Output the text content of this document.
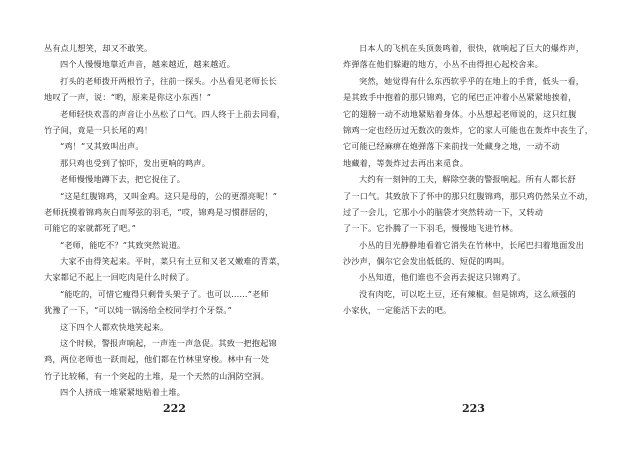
丛有点儿想笑，却又不敢笑。
四个人慢慢地靠近声音，越来越近，越来越近。
打头的老师拨开两根竹子，往前一探头。小丛看见老师长长
地叹了一声，说：“哟，原来是你这小东西！”
老师轻快欢喜的声音让小丛松了口气。四人终于上前去同看，
竹子间，竟是一只长尾的鸡！
“鸡！”又其致叫出声。
那只鸡也受到了惊吓，发出更响的鸣声。
老师慢慢地蹲下去，把它捉住了。
“这是红腹锦鸡，又叫金鸡。这只是母的，公的更漂亮呢！”
老师抚摸着锦鸡灰白而琴弦的羽毛，“哎，锦鸡是习惯群居的，
可能它的家就都死了吧。”
“老师，能吃不？”其致突然说道。
大家不由得笑起来。平时，菜只有土豆和又老又嫩难的青菜，
大家都记不起上一回吃肉是什么时候了。
“能吃的，可惜它瘦得只剩骨头架子了。也可以……”老师
犹豫了一下，“可以炖一锅汤给全校同学打个牙祭。”
这下四个人都欢快地笑起来。
这个时候，警报声响起，一声连一声急促。其致一把抱起锦
鸡，两位老师也一跃而起，他们都在竹林里穿梭。林中有一处
竹子比较稀，有一个突起的土堆，是一个天然的山洞防空洞。
四个人挤成一堆紧紧地贴着土堆。
222
日本人的飞机在头顶轰鸣着，很快，就响起了巨大的爆炸声，
炸弹落在他们躲避的地方，小丛不由得担心起校舍来。
突然，她觉得有什么东西软乎乎的在地上的手背，低头一看，
是其致手中抱着的那只锦鸡，它的尾巴正冲着小丛紧紧地挨着，
它的翅膀一动不动地紧贴着身体。小丛想起老师说的，这只红腹
锦鸡一定也经历过无数次的轰炸，它的家人可能也在轰炸中丧生了，
它可能已经麻痹在炮弹落下来前找一处藏身之地，一动不动
地藏着，等轰炸过去再出来觅食。
大约有一刻钟的工夫，解除空袭的警报响起。所有人都长舒
了一口气。其致放下了怀中的那只红腹锦鸡，那只鸡仍然呆立不动，
过了一会儿，它那小小的脑袋才突然转动一下，又转动
了一下。它扑腾了一下羽毛，慢慢地飞进竹林。
小丛的目光静静地看着它消失在竹林中，长尾巴扫着地面发出
沙沙声，偶尔它会发出低低的、短促的鸣叫。
小丛知道，他们谁也不会再去捉这只锦鸡了。
没有肉吃，可以吃土豆，还有辣椒。但是锦鸡，这么顽强的
小家伙，一定能活下去的吧。
223
